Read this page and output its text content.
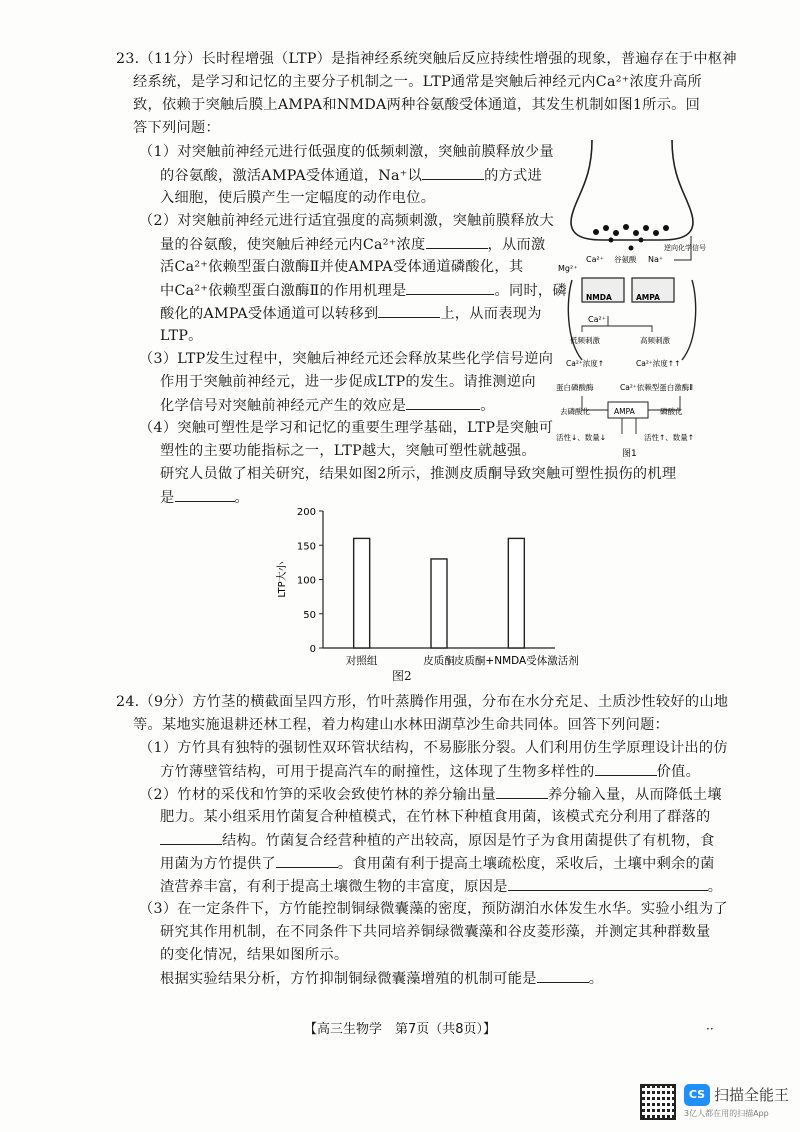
23.（11分）长时程增强（LTP）是指神经系统突触后反应持续性增强的现象，普遍存在于中枢神
经系统，是学习和记忆的主要分子机制之一。LTP通常是突触后神经元内Ca²⁺浓度升高所
致，依赖于突触后膜上AMPA和NMDA两种谷氨酸受体通道，其发生机制如图1所示。回
答下列问题：
（1）对突触前神经元进行低强度的低频刺激，突触前膜释放少量
的谷氨酸，激活AMPA受体通道，Na⁺以	的方式进
入细胞，使后膜产生一定幅度的动作电位。
（2）对突触前神经元进行适宜强度的高频刺激，突触前膜释放大
量的谷氨酸，使突触后神经元内Ca²⁺浓度	，从而激
活Ca²⁺依赖型蛋白激酶Ⅱ并使AMPA受体通道磷酸化，其
中Ca²⁺依赖型蛋白激酶Ⅱ的作用机理是	。同时，磷
酸化的AMPA受体通道可以转移到	上，从而表现为
LTP。
（3）LTP发生过程中，突触后神经元还会释放某些化学信号逆向
作用于突触前神经元，进一步促成LTP的发生。请推测逆向
化学信号对突触前神经元产生的效应是	。
（4）突触可塑性是学习和记忆的重要生理学基础，LTP是突触可
塑性的主要功能指标之一，LTP越大，突触可塑性就越强。
研究人员做了相关研究，结果如图2所示，推测皮质酮导致突触可塑性损伤的机理
是	。
逆向化学信号
Ca²⁺ 谷氨酸 Na⁺
Mg²⁺
NMDA	AMPA
Ca²⁺
低频刺激	高频刺激
Ca²⁺浓度↑	Ca²⁺浓度↑↑
蛋白磷酸酶	Ca²⁺依赖型蛋白激酶Ⅱ
AMPA
去磷酸化	磷酸化
活性↓、数量↓	活性↑、数量↑
图1
0
50
100
150
200
LTP大小
对照组	皮质酮 皮质酮+NMDA受体激活剂
图2
24.（9分）方竹茎的横截面呈四方形，竹叶蒸腾作用强，分布在水分充足、土质沙性较好的山地
等。某地实施退耕还林工程，着力构建山水林田湖草沙生命共同体。回答下列问题：
（1）方竹具有独特的强韧性双环管状结构，不易膨胀分裂。人们利用仿生学原理设计出的仿
方竹薄壁管结构，可用于提高汽车的耐撞性，这体现了生物多样性的	价值。
（2）竹材的采伐和竹笋的采收会致使竹林的养分输出量	养分输入量，从而降低土壤
肥力。某小组采用竹菌复合种植模式，在竹林下种植食用菌，该模式充分利用了群落的
结构。竹菌复合经营种植的产出较高，原因是竹子为食用菌提供了有机物，食
用菌为方竹提供了	。食用菌有利于提高土壤疏松度，采收后，土壤中剩余的菌
渣营养丰富，有利于提高土壤微生物的丰富度，原因是	。
（3）在一定条件下，方竹能控制铜绿微囊藻的密度，预防湖泊水体发生水华。实验小组为了
研究其作用机制，在不同条件下共同培养铜绿微囊藻和谷皮菱形藻，并测定其种群数量
的变化情况，结果如图所示。
根据实验结果分析，方竹抑制铜绿微囊藻增殖的机制可能是	。
【高三生物学　第7页（共8页）】	··
CS 扫描全能王
3亿人都在用的扫描App
